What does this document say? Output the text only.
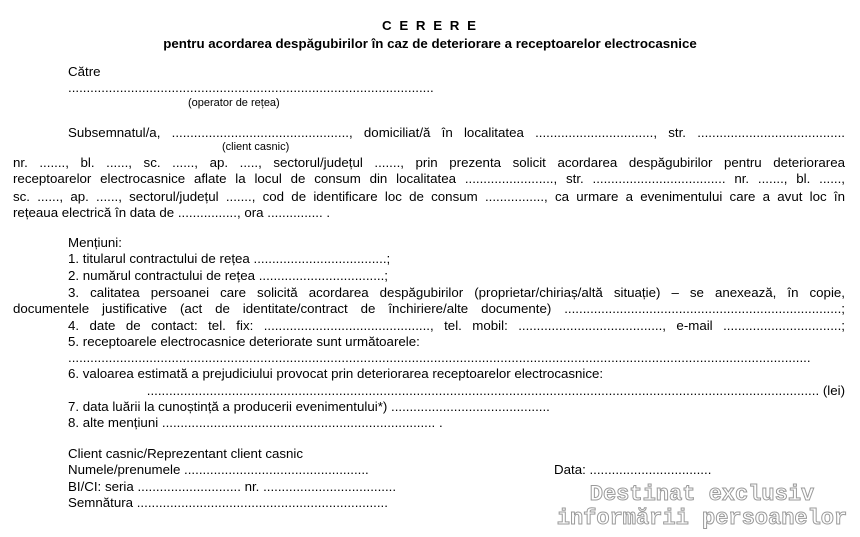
C E R E R E
pentru acordarea despăgubirilor în caz de deteriorare a receptoarelor electrocasnice
Către
...................................................................................................
(operator de rețea)
Subsemnatul/a, ................................................, domiciliat/ă în localitatea ................................, str. ........................................
(client casnic)
nr. ......., bl. ......, sc. ......, ap. ....., sectorul/județul ......., prin prezenta solicit acordarea despăgubirilor pentru deteriorarea
receptoarelor electrocasnice aflate la locul de consum din localitatea ........................, str. .................................... nr. ......., bl. ......,
sc. ......, ap. ......, sectorul/județul ......., cod de identificare loc de consum ................, ca urmare a evenimentului care a avut loc în
rețeaua electrică în data de ................, ora ............... .
Mențiuni:
1. titularul contractului de rețea ....................................;
2. numărul contractului de rețea ..................................;
3. calitatea persoanei care solicită acordarea despăgubirilor (proprietar/chiriaș/altă situație) – se anexează, în copie,
documentele justificative (act de identitate/contract de închiriere/alte documente) ...........................................................................;
4. date de contact: tel. fix: ............................................., tel. mobil: ......................................., e-mail ................................;
5. receptoarele electrocasnice deteriorate sunt următoarele:
.........................................................................................................................................................................................................
6. valoarea estimată a prejudiciului provocat prin deteriorarea receptoarelor electrocasnice:
...................................................................................................................................................................................... (lei)
7. data luării la cunoștință a producerii evenimentului*) ...........................................
8. alte mențiuni .......................................................................... .
Client casnic/Reprezentant client casnic
Numele/prenumele ..................................................	Data: .................................
BI/CI: seria ............................ nr. ....................................
Semnătura ....................................................................	Destinat exclusiv informării persoanelor
